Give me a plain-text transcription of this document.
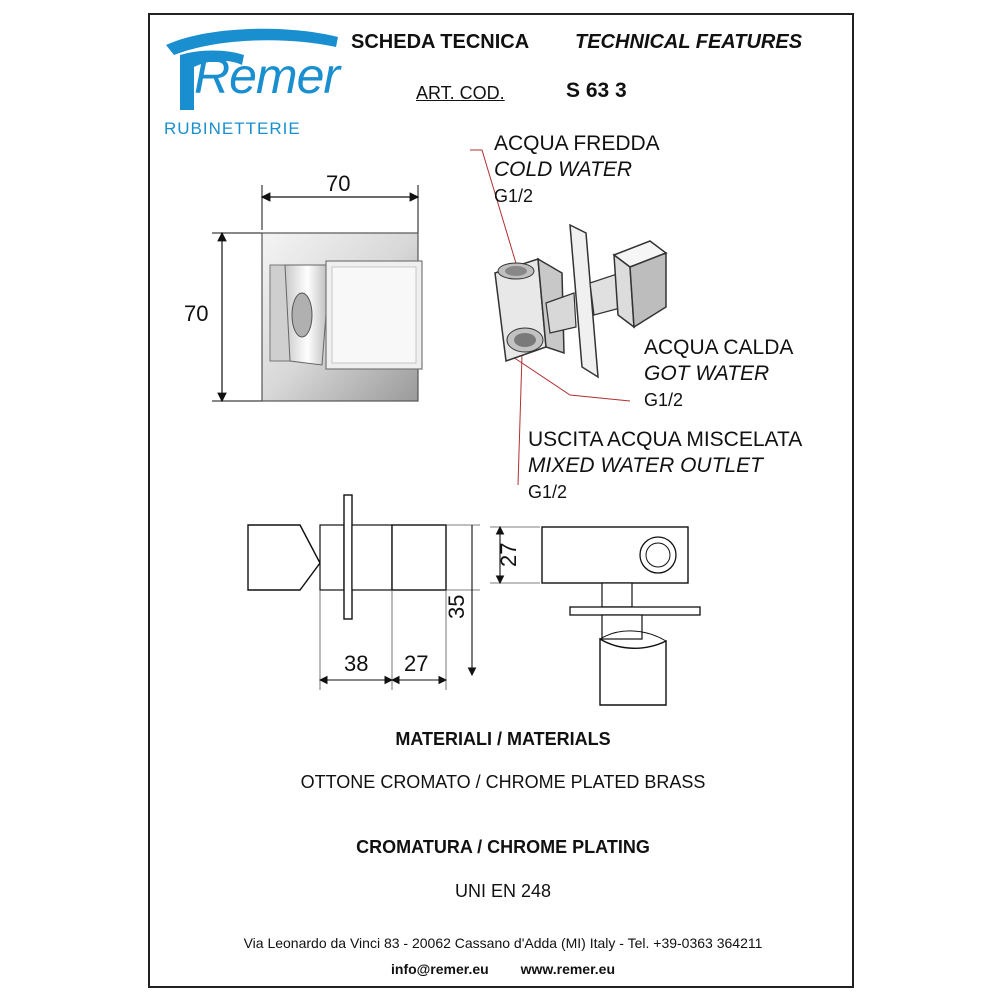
Remer
RUBINETTERIE
SCHEDA TECNICA TECHNICAL FEATURES
ART. COD.	S 63 3
ACQUA FREDDA
COLD WATER
G1/2
ACQUA CALDA
GOT WATER
G1/2
USCITA ACQUA MISCELATA
MIXED WATER OUTLET
G1/2
70
70
38 27
35
27
MATERIALI / MATERIALS
OTTONE CROMATO / CHROME PLATED BRASS
CROMATURA / CHROME PLATING
UNI EN 248
Via Leonardo da Vinci 83 - 20062 Cassano d'Adda (MI) Italy - Tel. +39-0363 364211
info@remer.eu www.remer.eu
